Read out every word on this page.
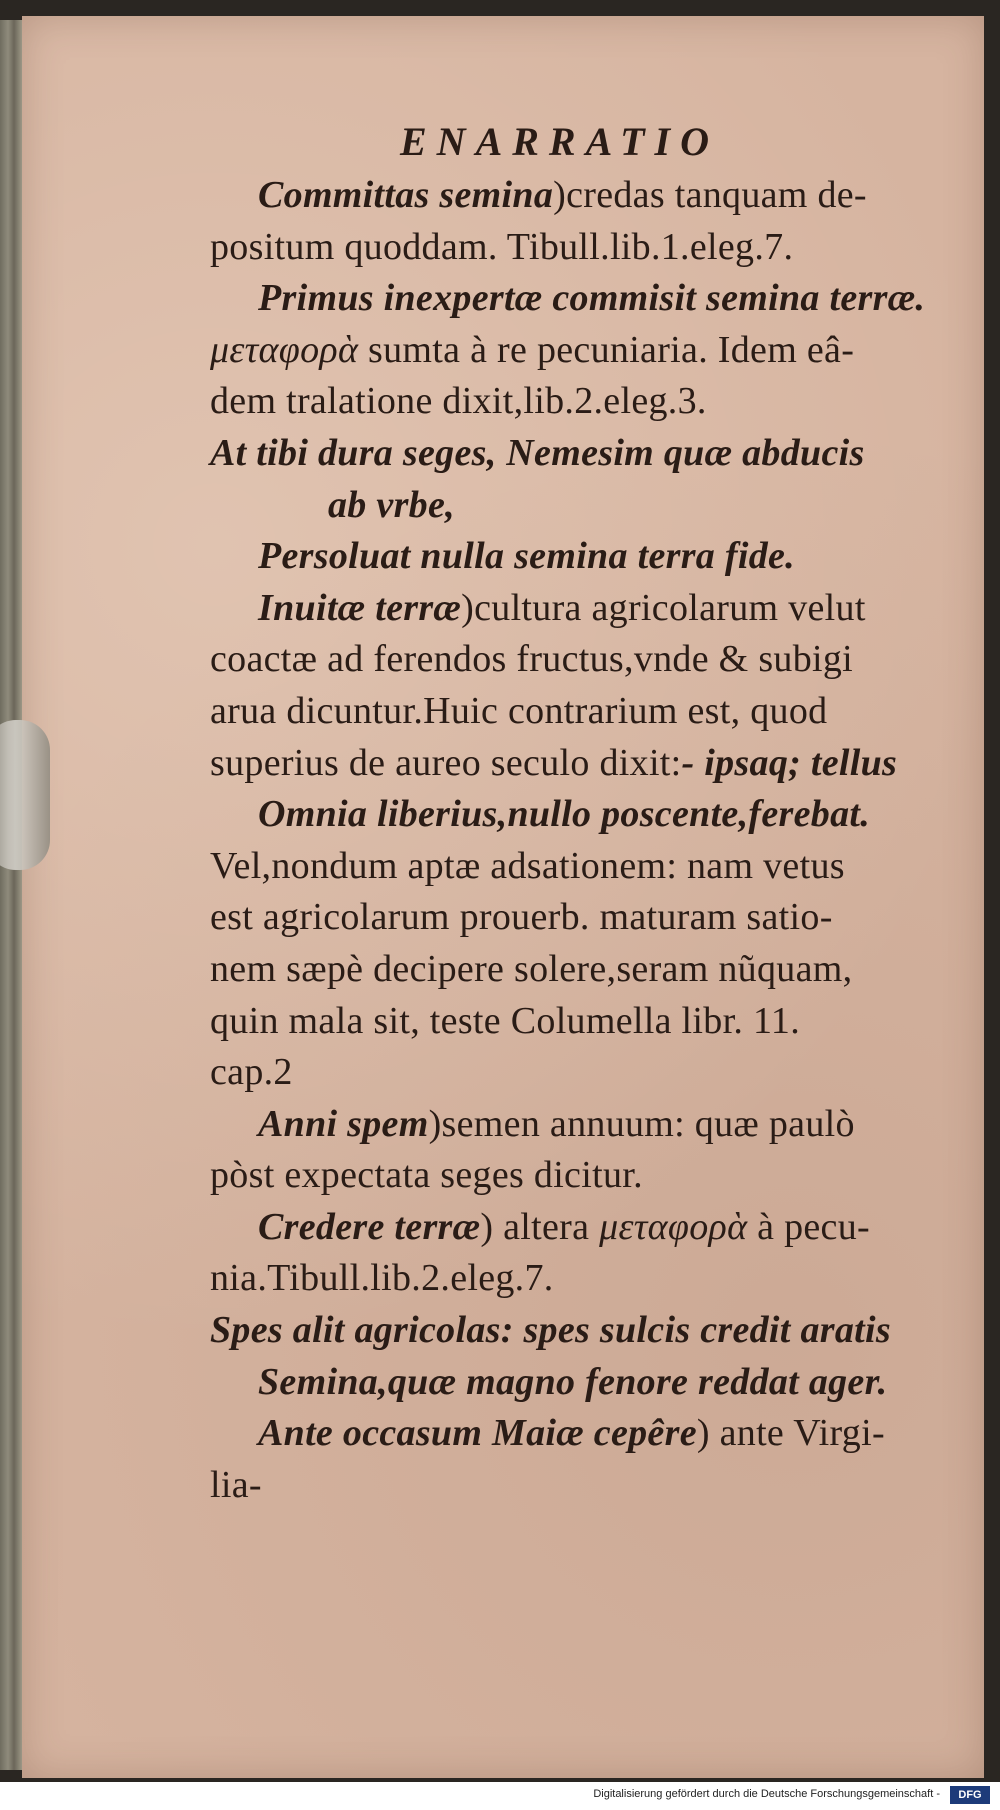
ENARRATIO
Committas semina)credas tanquam de-
positum quoddam. Tibull.lib.1.eleg.7.
Primus inexpertæ commisit semina terræ.
μεταφορὰ sumta à re pecuniaria. Idem eâ-
dem tralatione dixit,lib.2.eleg.3.
At tibi dura seges, Nemesim quæ abducis
ab vrbe,
Persoluat nulla semina terra fide.
Inuitæ terræ)cultura agricolarum velut
coactæ ad ferendos fructus,vnde & subigi
arua dicuntur.Huic contrarium est, quod
superius de aureo seculo dixit:- ipsaq; tellus
Omnia liberius,nullo poscente,ferebat.
Vel,nondum aptæ adsationem: nam vetus
est agricolarum prouerb. maturam satio-
nem sæpè decipere solere,seram nũquam,
quin mala sit, teste Columella libr. 11.
cap.2
Anni spem)semen annuum: quæ paulò
pòst expectata seges dicitur.
Credere terræ) altera μεταφορὰ à pecu-
nia.Tibull.lib.2.eleg.7.
Spes alit agricolas: spes sulcis credit aratis
Semina,quæ magno fenore reddat ager.
Ante occasum Maiæ cepêre) ante Virgi-
lia-
Digitalisierung gefördert durch die Deutsche Forschungsgemeinschaft -	DFG
